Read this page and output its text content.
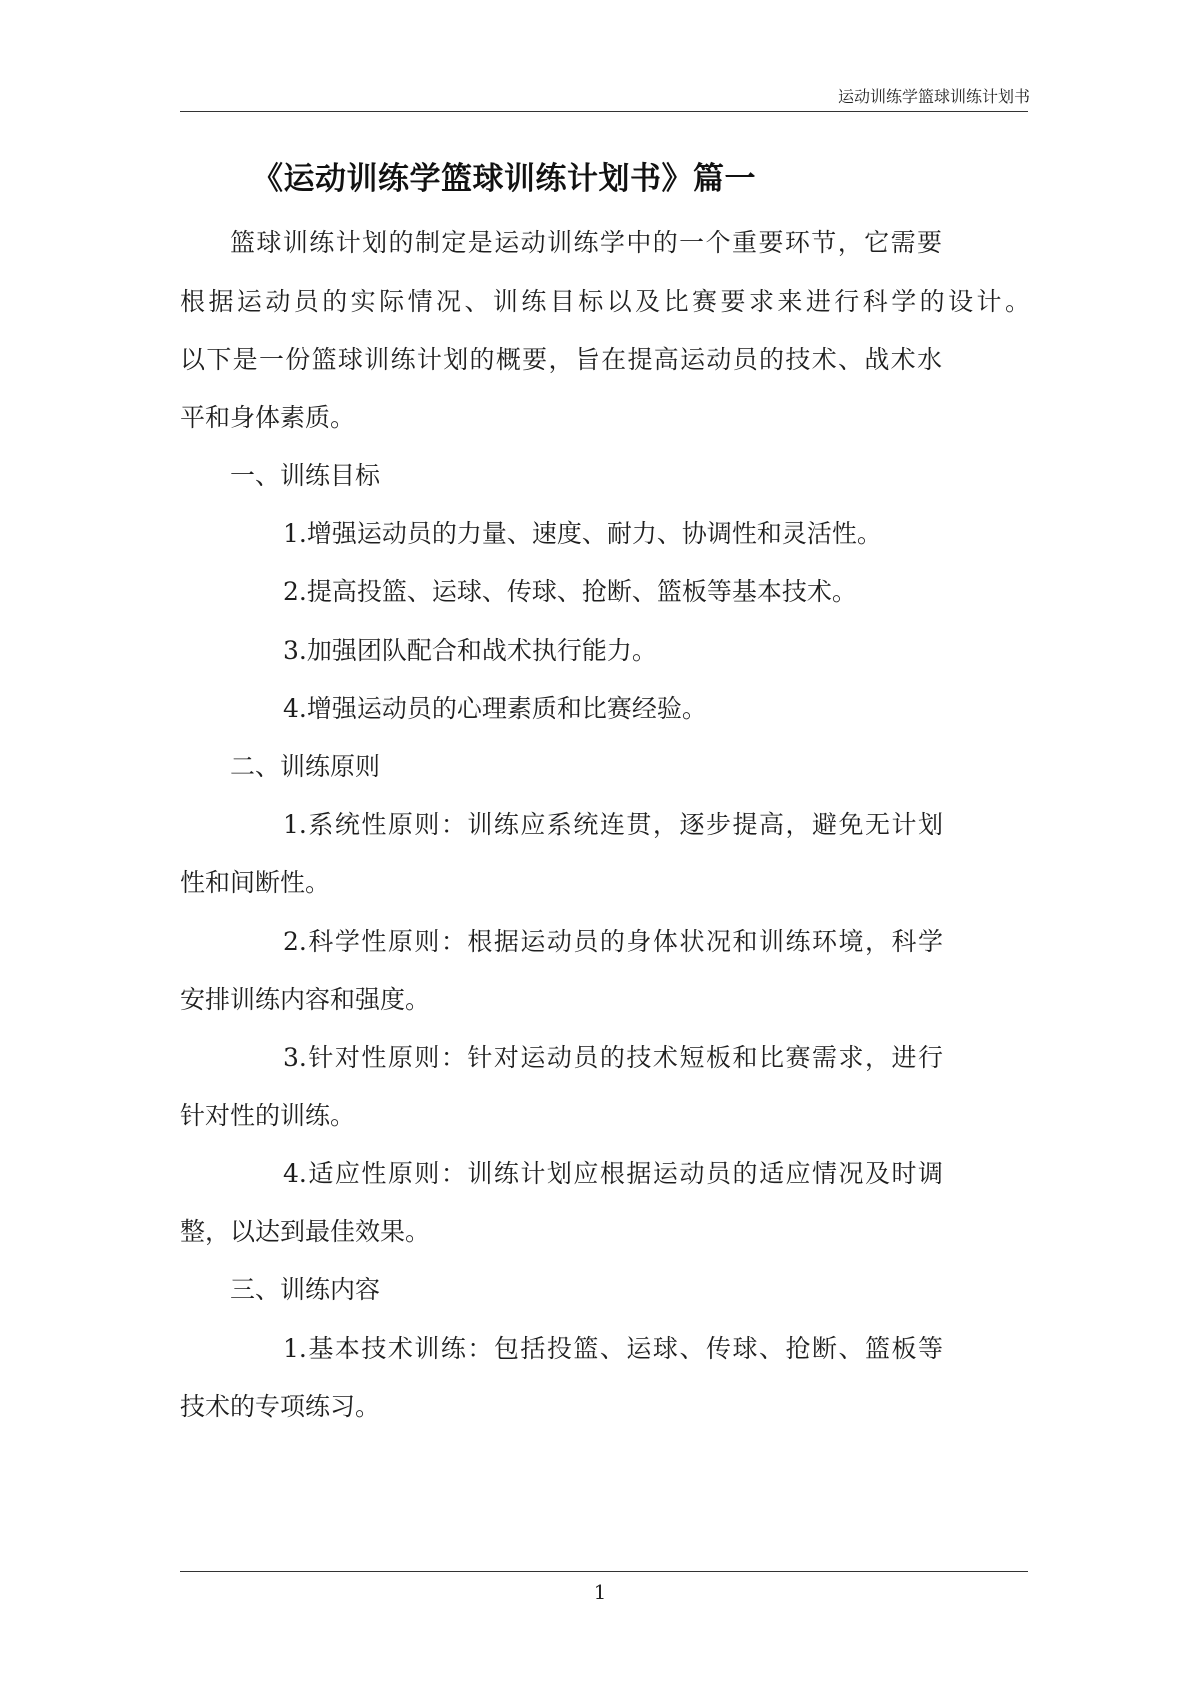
运动训练学篮球训练计划书
《运动训练学篮球训练计划书》篇一
篮球训练计划的制定是运动训练学中的一个重要环节，它需要
根据运动员的实际情况、训练目标以及比赛要求来进行科学的设计。
以下是一份篮球训练计划的概要，旨在提高运动员的技术、战术水
平和身体素质。
一、训练目标
1.增强运动员的力量、速度、耐力、协调性和灵活性。
2.提高投篮、运球、传球、抢断、篮板等基本技术。
3.加强团队配合和战术执行能力。
4.增强运动员的心理素质和比赛经验。
二、训练原则
1.系统性原则：训练应系统连贯，逐步提高，避免无计划
性和间断性。
2.科学性原则：根据运动员的身体状况和训练环境，科学
安排训练内容和强度。
3.针对性原则：针对运动员的技术短板和比赛需求，进行
针对性的训练。
4.适应性原则：训练计划应根据运动员的适应情况及时调
整，以达到最佳效果。
三、训练内容
1.基本技术训练：包括投篮、运球、传球、抢断、篮板等
技术的专项练习。
1
